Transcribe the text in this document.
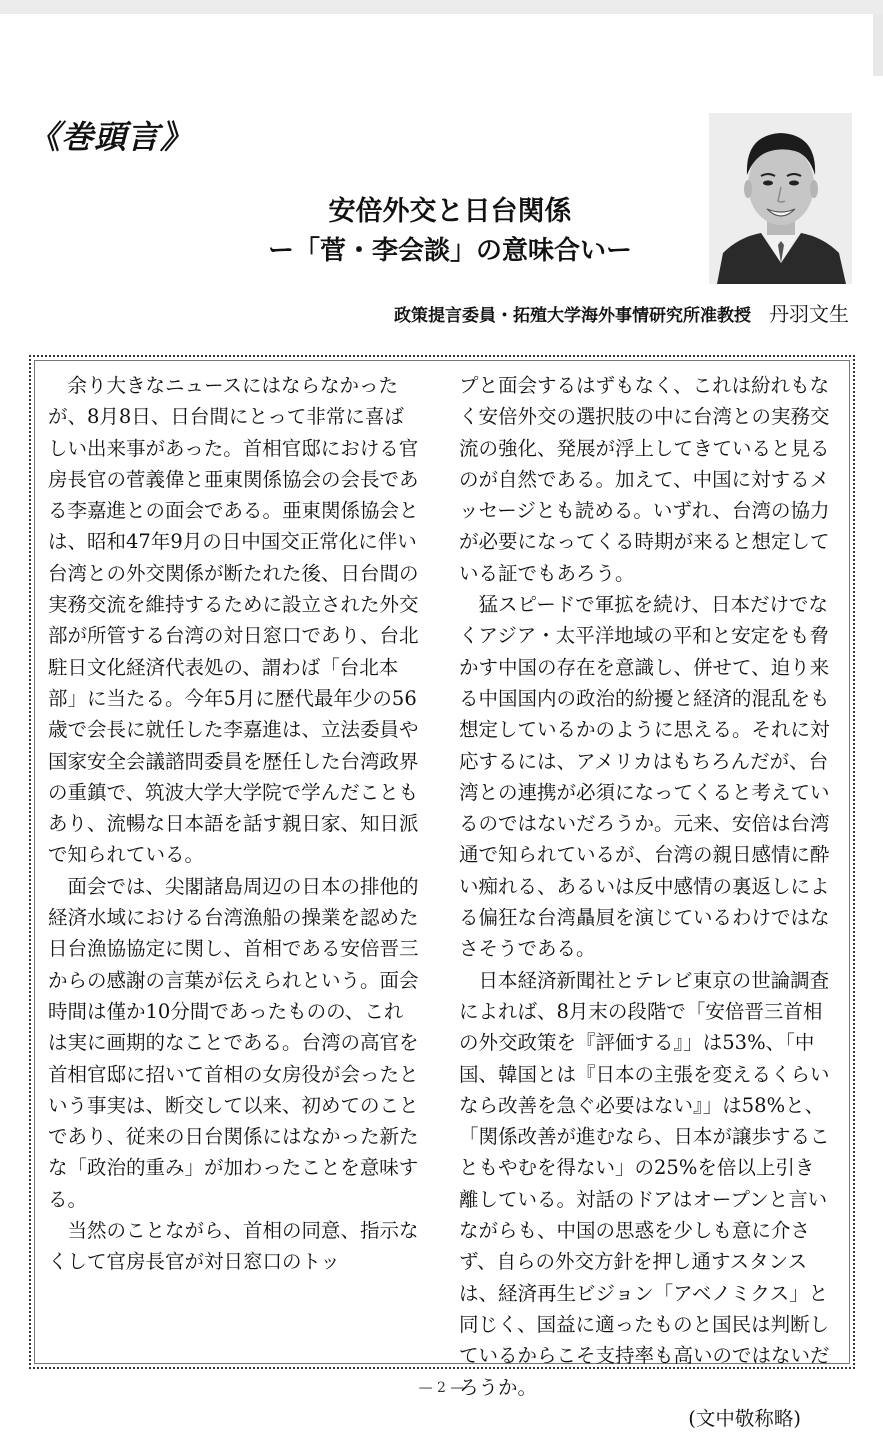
《巻頭言》
安倍外交と日台関係
ー「菅・李会談」の意味合いー
政策提言委員・拓殖大学海外事情研究所准教授 丹羽文生

余り大きなニュースにはならなかったが、8月8日、日台間にとって非常に喜ばしい出来事があった。首相官邸における官房長官の菅義偉と亜東関係協会の会長である李嘉進との面会である。亜東関係協会とは、昭和47年9月の日中国交正常化に伴い台湾との外交関係が断たれた後、日台間の実務交流を維持するために設立された外交部が所管する台湾の対日窓口であり、台北駐日文化経済代表処の、謂わば「台北本部」に当たる。今年5月に歴代最年少の56歳で会長に就任した李嘉進は、立法委員や国家安全会議諮問委員を歴任した台湾政界の重鎮で、筑波大学大学院で学んだこともあり、流暢な日本語を話す親日家、知日派で知られている。

面会では、尖閣諸島周辺の日本の排他的経済水域における台湾漁船の操業を認めた日台漁協協定に関し、首相である安倍晋三からの感謝の言葉が伝えられという。面会時間は僅か10分間であったものの、これは実に画期的なことである。台湾の高官を首相官邸に招いて首相の女房役が会ったという事実は、断交して以来、初めてのことであり、従来の日台関係にはなかった新たな「政治的重み」が加わったことを意味する。

当然のことながら、首相の同意、指示なくして官房長官が対日窓口のトッ

プと面会するはずもなく、これは紛れもなく安倍外交の選択肢の中に台湾との実務交流の強化、発展が浮上してきていると見るのが自然である。加えて、中国に対するメッセージとも読める。いずれ、台湾の協力が必要になってくる時期が来ると想定している証でもあろう。

猛スピードで軍拡を続け、日本だけでなくアジア・太平洋地域の平和と安定をも脅かす中国の存在を意識し、併せて、迫り来る中国国内の政治的紛擾と経済的混乱をも想定しているかのように思える。それに対応するには、アメリカはもちろんだが、台湾との連携が必須になってくると考えているのではないだろうか。元来、安倍は台湾通で知られているが、台湾の親日感情に酔い痴れる、あるいは反中感情の裏返しによる偏狂な台湾贔屓を演じているわけではなさそうである。

日本経済新聞社とテレビ東京の世論調査によれば、8月末の段階で「安倍晋三首相の外交政策を『評価する』」は53%、「中国、韓国とは『日本の主張を変えるくらいなら改善を急ぐ必要はない』」は58%と、「関係改善が進むなら、日本が譲歩することもやむを得ない」の25%を倍以上引き離している。対話のドアはオープンと言いながらも、中国の思惑を少しも意に介さず、自らの外交方針を押し通すスタンスは、経済再生ビジョン「アベノミクス」と同じく、国益に適ったものと国民は判断しているからこそ支持率も高いのではないだろうか。

(文中敬称略)
— 2 —
